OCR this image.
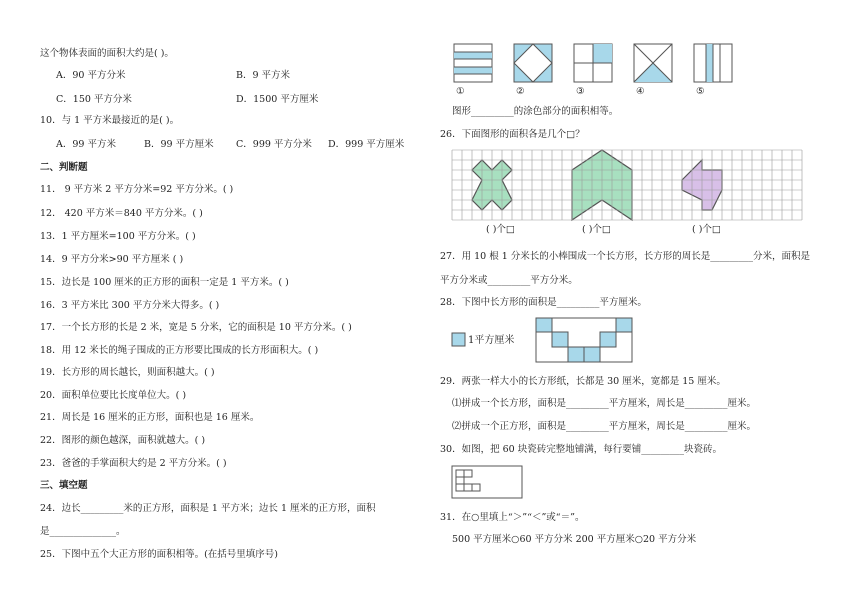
这个物体表面的面积大约是( )。
A．90 平方分米	B．9 平方米
C．150 平方分米	D．1500 平方厘米
10．与 1 平方米最接近的是( )。
A．99 平方米	B．99 平方厘米 C．999 平方分米 D．999 平方厘米
二、判断题
11． 9 平方米 2 平方分米=92 平方分米。( )
12． 420 平方米＝840 平方分米。( )
13．1 平方厘米=100 平方分米。( )
14．9 平方分米>90 平方厘米 ( )
15．边长是 100 厘米的正方形的面积一定是 1 平方米。( )
16．3 平方米比 300 平方分米大得多。( )
17．一个长方形的长是 2 米，宽是 5 分米，它的面积是 10 平方分米。( )
18．用 12 米长的绳子围成的正方形要比围成的长方形面积大。( )
19．长方形的周长越长，则面积越大。( )
20．面积单位要比长度单位大。( )
21．周长是 16 厘米的正方形，面积也是 16 厘米。
22．图形的颜色越深，面积就越大。( )
23．爸爸的手掌面积大约是 2 平方分米。( )
三、填空题
24．边长_________米的正方形，面积是 1 平方米；边长 1 厘米的正方形，面积
是______________。
25．下图中五个大正方形的面积相等。(在括号里填序号)
①	②	③	④	⑤
图形_________的涂色部分的面积相等。
26．下面图形的面积各是几个□？
( )个□	( )个□	( )个□
27．用 10 根 1 分米长的小棒围成一个长方形，长方形的周长是_________分米，面积是
平方分米或_________平方分米。
28．下图中长方形的面积是_________平方厘米。
1平方厘米
29．两张一样大小的长方形纸，长都是 30 厘米，宽都是 15 厘米。
⑴拼成一个长方形，面积是_________平方厘米，周长是_________厘米。
⑵拼成一个正方形，面积是_________平方厘米，周长是_________厘米。
30．如图，把 60 块瓷砖完整地铺满，每行要铺_________块瓷砖。
31．在○里填上“＞”“＜”或“＝”。
500 平方厘米○60 平方分米 200 平方厘米○20 平方分米
